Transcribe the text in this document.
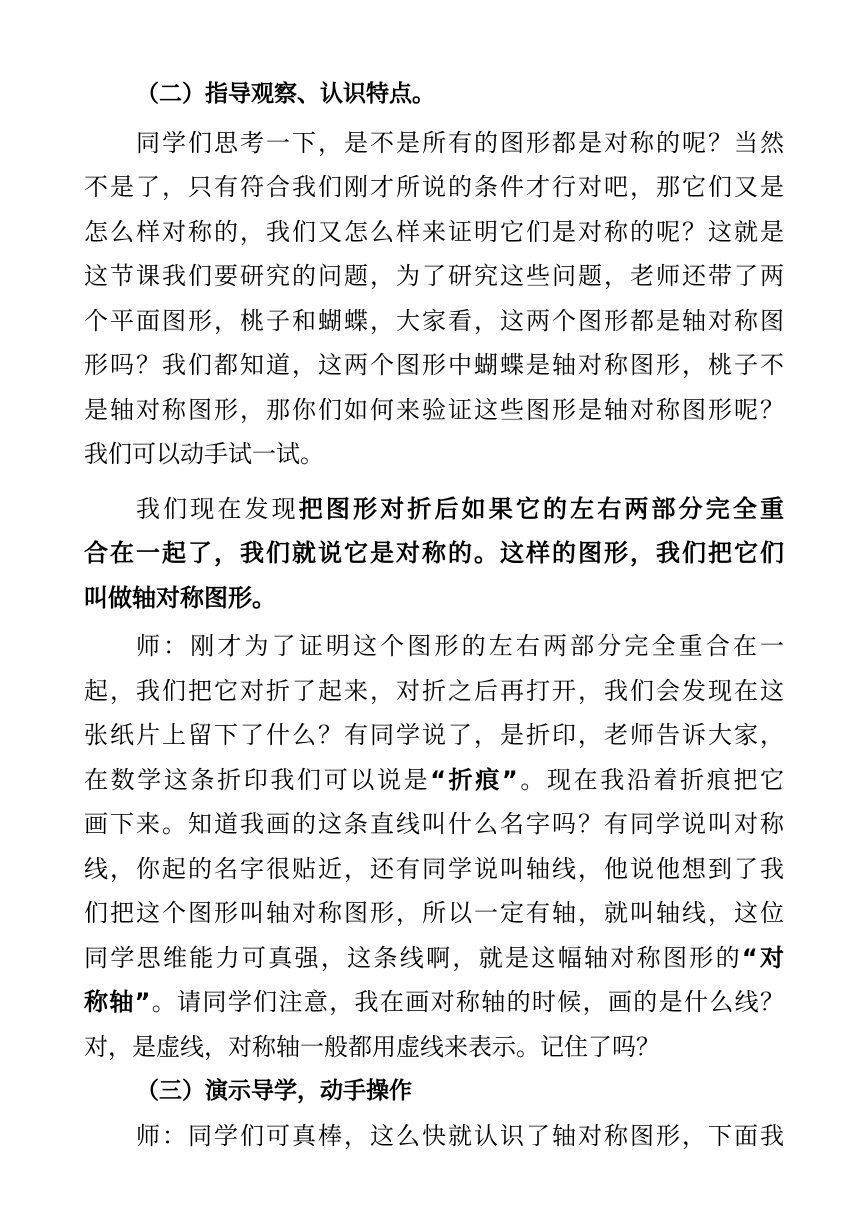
（二）指导观察、认识特点。
同学们思考一下，是不是所有的图形都是对称的呢？当然
不是了，只有符合我们刚才所说的条件才行对吧，那它们又是
怎么样对称的，我们又怎么样来证明它们是对称的呢？这就是
这节课我们要研究的问题，为了研究这些问题，老师还带了两
个平面图形，桃子和蝴蝶，大家看，这两个图形都是轴对称图
形吗？我们都知道，这两个图形中蝴蝶是轴对称图形，桃子不
是轴对称图形，那你们如何来验证这些图形是轴对称图形呢？
我们可以动手试一试。
我们现在发现把图形对折后如果它的左右两部分完全重
合在一起了，我们就说它是对称的。这样的图形，我们把它们
叫做轴对称图形。
师：刚才为了证明这个图形的左右两部分完全重合在一
起，我们把它对折了起来，对折之后再打开，我们会发现在这
张纸片上留下了什么？有同学说了，是折印，老师告诉大家，
在数学这条折印我们可以说是“折痕”。现在我沿着折痕把它
画下来。知道我画的这条直线叫什么名字吗？有同学说叫对称
线，你起的名字很贴近，还有同学说叫轴线，他说他想到了我
们把这个图形叫轴对称图形，所以一定有轴，就叫轴线，这位
同学思维能力可真强，这条线啊，就是这幅轴对称图形的“对
称轴”。请同学们注意，我在画对称轴的时候，画的是什么线？
对，是虚线，对称轴一般都用虚线来表示。记住了吗？
（三）演示导学，动手操作
师：同学们可真棒，这么快就认识了轴对称图形，下面我
